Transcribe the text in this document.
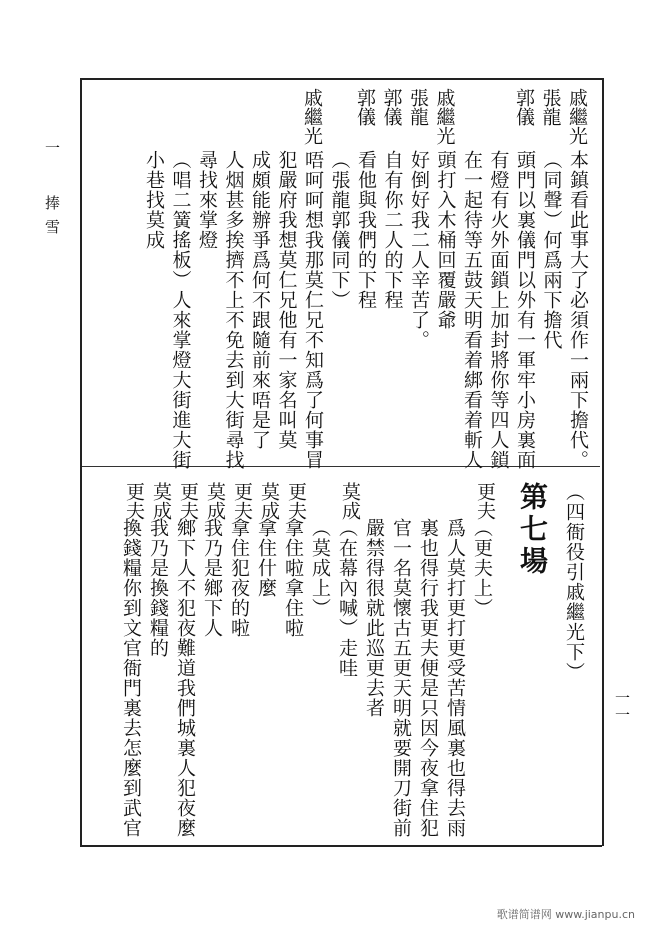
一
捧 雪
一一
戚繼光
本鎮看此事大了必須作一兩下擔代。
張龍
（同聲）何爲兩下擔代
郭儀
頭門以裏儀門以外有一軍牢小房裏面
有燈有火外面鎖上加封將你等四人鎖
在一起待等五鼓天明看着綁看着斬人
戚繼光
頭打入木桶回覆嚴爺
張龍
好倒好我二人辛苦了。
郭儀
自有你二人的下程
郭儀
看他與我們的下程
（張龍郭儀同下）
戚繼光
唔呵呵想我那莫仁兄不知爲了何事冒
犯嚴府我想莫仁兄他有一家名叫莫
成頗能辦爭爲何不跟隨前來唔是了
人烟甚多挨擠不上不免去到大街尋找
尋找來掌燈
（唱二簧搖板）人來掌燈大街進大街
小巷找莫成
更夫
（更夫上）
爲人莫打更打更受苦情風裏也得去雨
裏也得行我更夫便是只因今夜拿住犯
官一名莫懷古五更天明就要開刀街前
嚴禁得很就此巡更去者
莫成
（在幕內喊）走哇
（莫成上）
更夫
拿住啦拿住啦
莫成
拿住什麼
更夫
拿住犯夜的啦
莫成
我乃是鄉下人
更夫
鄉下人不犯夜難道我們城裏人犯夜麼
莫成
我乃是換錢糧的
更夫
換錢糧你到文官衙門裏去怎麼到武官	（四衙役引戚繼光下）
第七場
歌谱简谱网 www.jianpu.cn
